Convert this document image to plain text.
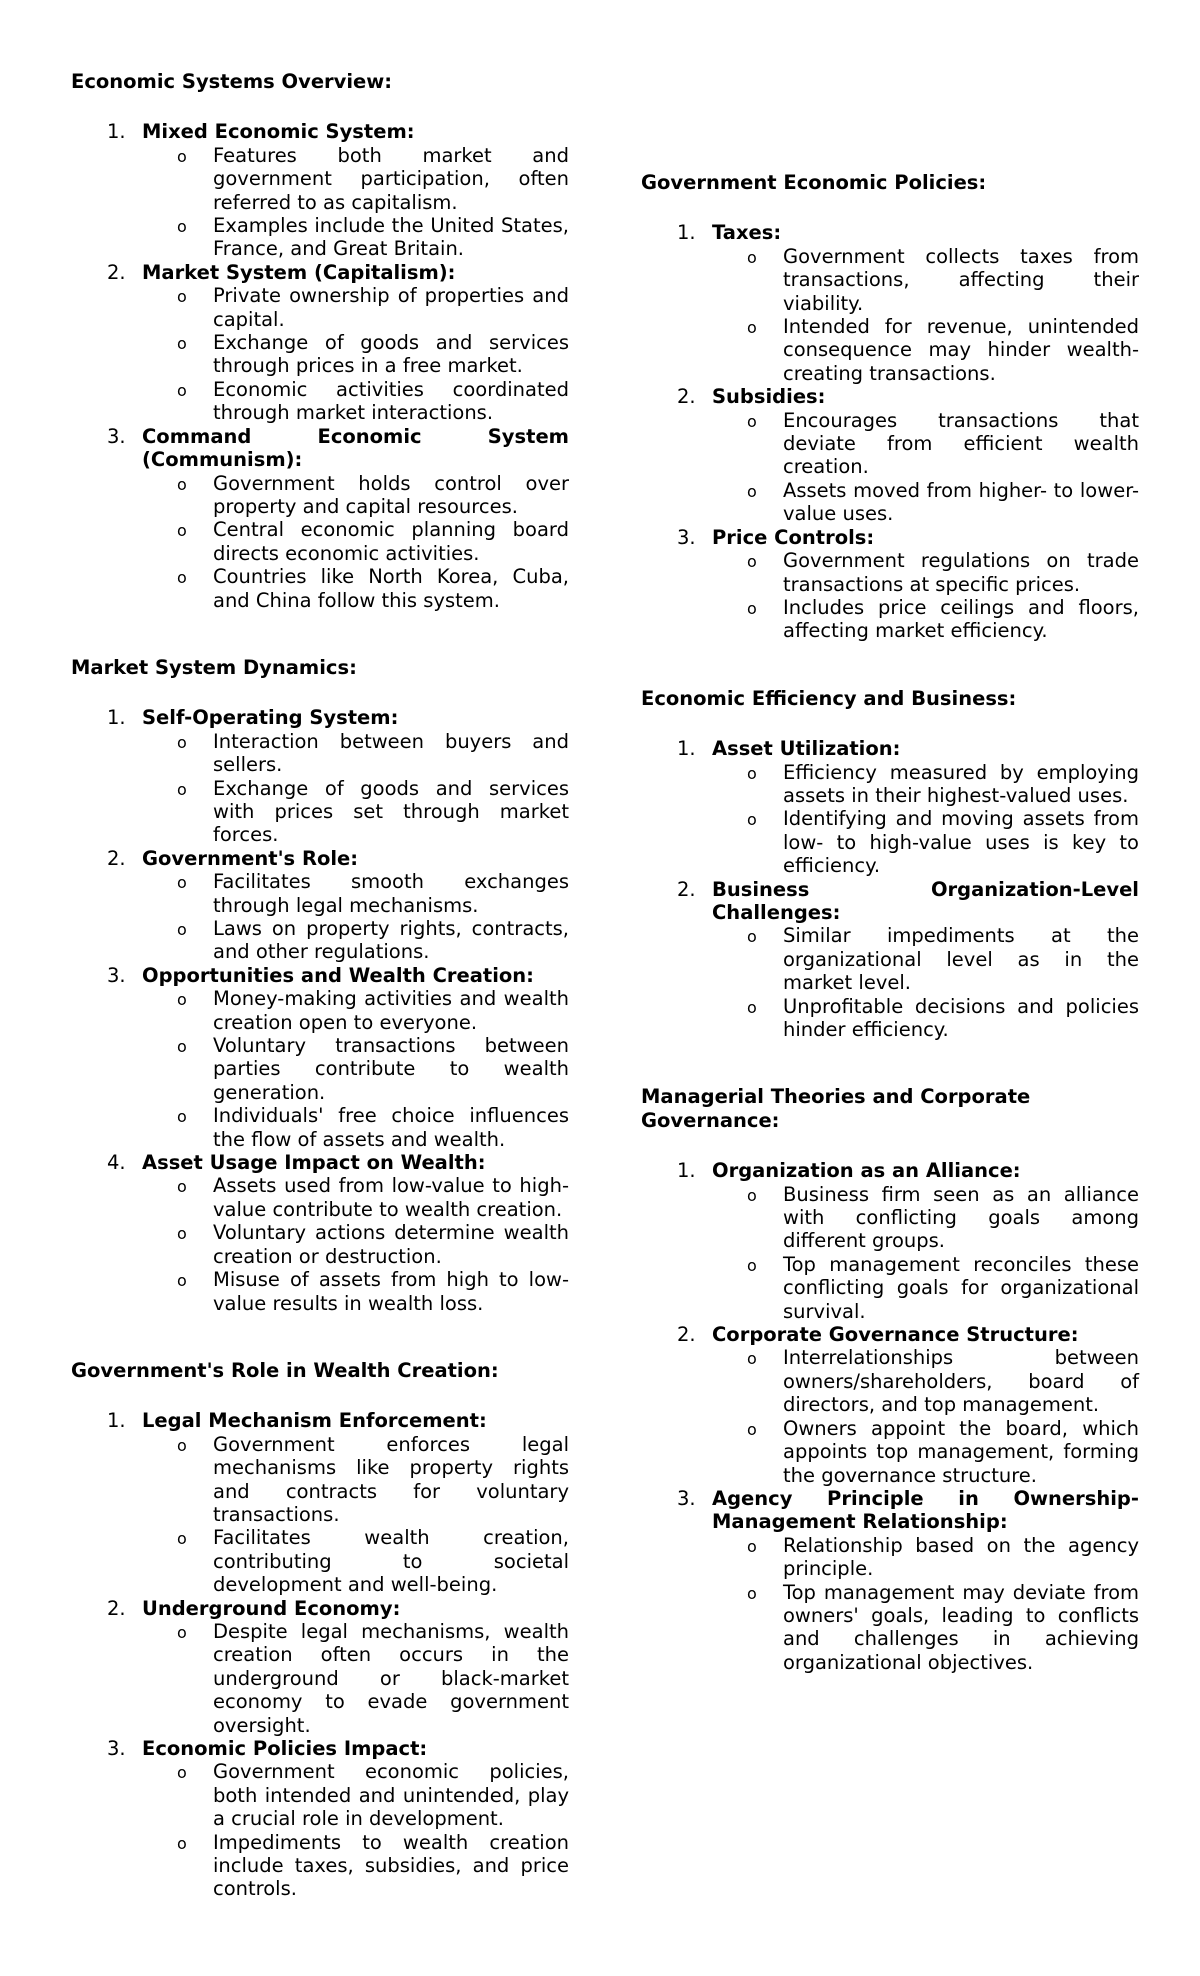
Economic Systems Overview:
1. Mixed Economic System:
o Features both market and government participation, often referred to as capitalism.
o Examples include the United States, France, and Great Britain.
2. Market System (Capitalism):
o Private ownership of properties and capital.
o Exchange of goods and services through prices in a free market.
o Economic activities coordinated through market interactions.
3. Command Economic System (Communism):
o Government holds control over property and capital resources.
o Central economic planning board directs economic activities.
o Countries like North Korea, Cuba, and China follow this system.
Market System Dynamics:
1. Self-Operating System:
o Interaction between buyers and sellers.
o Exchange of goods and services with prices set through market forces.
2. Government's Role:
o Facilitates smooth exchanges through legal mechanisms.
o Laws on property rights, contracts, and other regulations.
3. Opportunities and Wealth Creation:
o Money-making activities and wealth creation open to everyone.
o Voluntary transactions between parties contribute to wealth generation.
o Individuals' free choice influences the flow of assets and wealth.
4. Asset Usage Impact on Wealth:
o Assets used from low-value to high-value contribute to wealth creation.
o Voluntary actions determine wealth creation or destruction.
o Misuse of assets from high to low-value results in wealth loss.
Government's Role in Wealth Creation:
1. Legal Mechanism Enforcement:
o Government enforces legal mechanisms like property rights and contracts for voluntary transactions.
o Facilitates wealth creation, contributing to societal development and well-being.
2. Underground Economy:
o Despite legal mechanisms, wealth creation often occurs in the underground or black-market economy to evade government oversight.
3. Economic Policies Impact:
o Government economic policies, both intended and unintended, play a crucial role in development.
o Impediments to wealth creation include taxes, subsidies, and price controls.
Government Economic Policies:
1. Taxes:
o Government collects taxes from transactions, affecting their viability.
o Intended for revenue, unintended consequence may hinder wealth-creating transactions.
2. Subsidies:
o Encourages transactions that deviate from efficient wealth creation.
o Assets moved from higher- to lower-value uses.
3. Price Controls:
o Government regulations on trade transactions at specific prices.
o Includes price ceilings and floors, affecting market efficiency.
Economic Efficiency and Business:
1. Asset Utilization:
o Efficiency measured by employing assets in their highest-valued uses.
o Identifying and moving assets from low- to high-value uses is key to efficiency.
2. Business Organization-Level Challenges:
o Similar impediments at the organizational level as in the market level.
o Unprofitable decisions and policies hinder efficiency.
Managerial Theories and Corporate Governance:
1. Organization as an Alliance:
o Business firm seen as an alliance with conflicting goals among different groups.
o Top management reconciles these conflicting goals for organizational survival.
2. Corporate Governance Structure:
o Interrelationships between owners/shareholders, board of directors, and top management.
o Owners appoint the board, which appoints top management, forming the governance structure.
3. Agency Principle in Ownership-Management Relationship:
o Relationship based on the agency principle.
o Top management may deviate from owners' goals, leading to conflicts and challenges in achieving organizational objectives.
